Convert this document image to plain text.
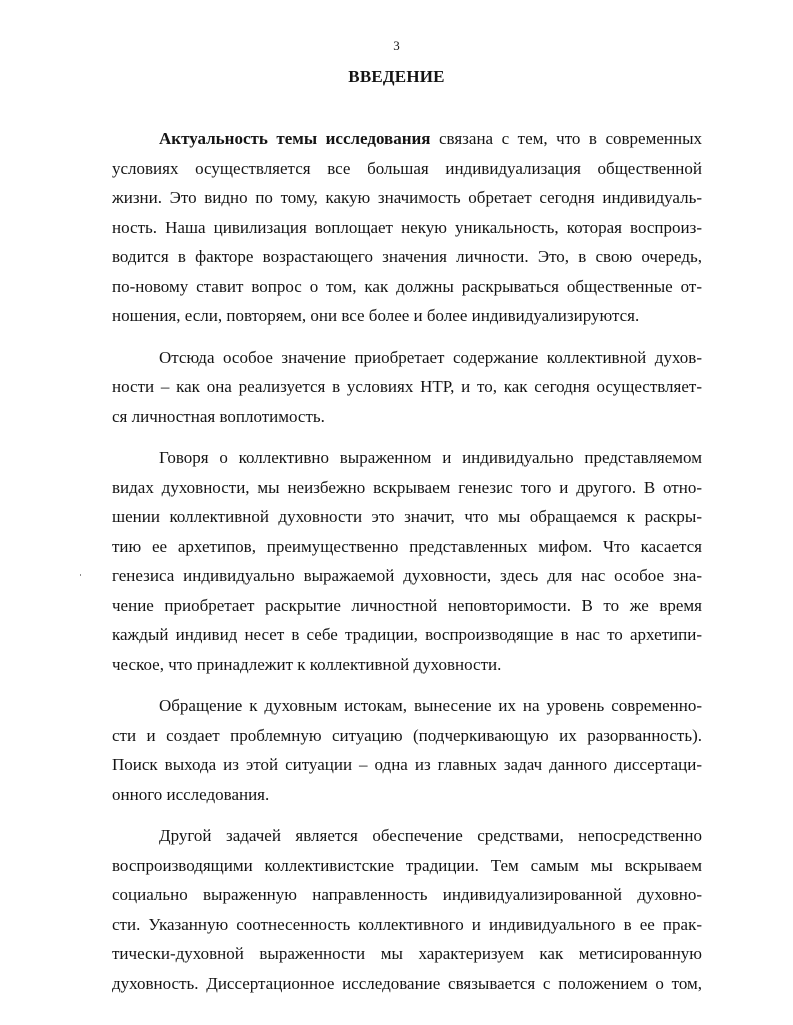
3
ВВЕДЕНИЕ
Актуальность темы исследования связана с тем, что в современных
условиях осуществляется все большая индивидуализация общественной
жизни. Это видно по тому, какую значимость обретает сегодня индивидуаль-
ность. Наша цивилизация воплощает некую уникальность, которая воспроиз-
водится в факторе возрастающего значения личности. Это, в свою очередь,
по-новому ставит вопрос о том, как должны раскрываться общественные от-
ношения, если, повторяем, они все более и более индивидуализируются.
Отсюда особое значение приобретает содержание коллективной духов-
ности – как она реализуется в условиях НТР, и то, как сегодня осуществляет-
ся личностная воплотимость.
Говоря о коллективно выраженном и индивидуально представляемом
видах духовности, мы неизбежно вскрываем генезис того и другого. В отно-
шении коллективной духовности это значит, что мы обращаемся к раскры-
тию ее архетипов, преимущественно представленных мифом. Что касается
генезиса индивидуально выражаемой духовности, здесь для нас особое зна-
чение приобретает раскрытие личностной неповторимости. В то же время
каждый индивид несет в себе традиции, воспроизводящие в нас то архетипи-
ческое, что принадлежит к коллективной духовности.
Обращение к духовным истокам, вынесение их на уровень современно-
сти и создает проблемную ситуацию (подчеркивающую их разорванность).
Поиск выхода из этой ситуации – одна из главных задач данного диссертаци-
онного исследования.
Другой задачей является обеспечение средствами, непосредственно
воспроизводящими коллективистские традиции. Тем самым мы вскрываем
социально выраженную направленность индивидуализированной духовно-
сти. Указанную соотнесенность коллективного и индивидуального в ее прак-
тически-духовной выраженности мы характеризуем как метисированную
духовность. Диссертационное исследование связывается с положением о том,
